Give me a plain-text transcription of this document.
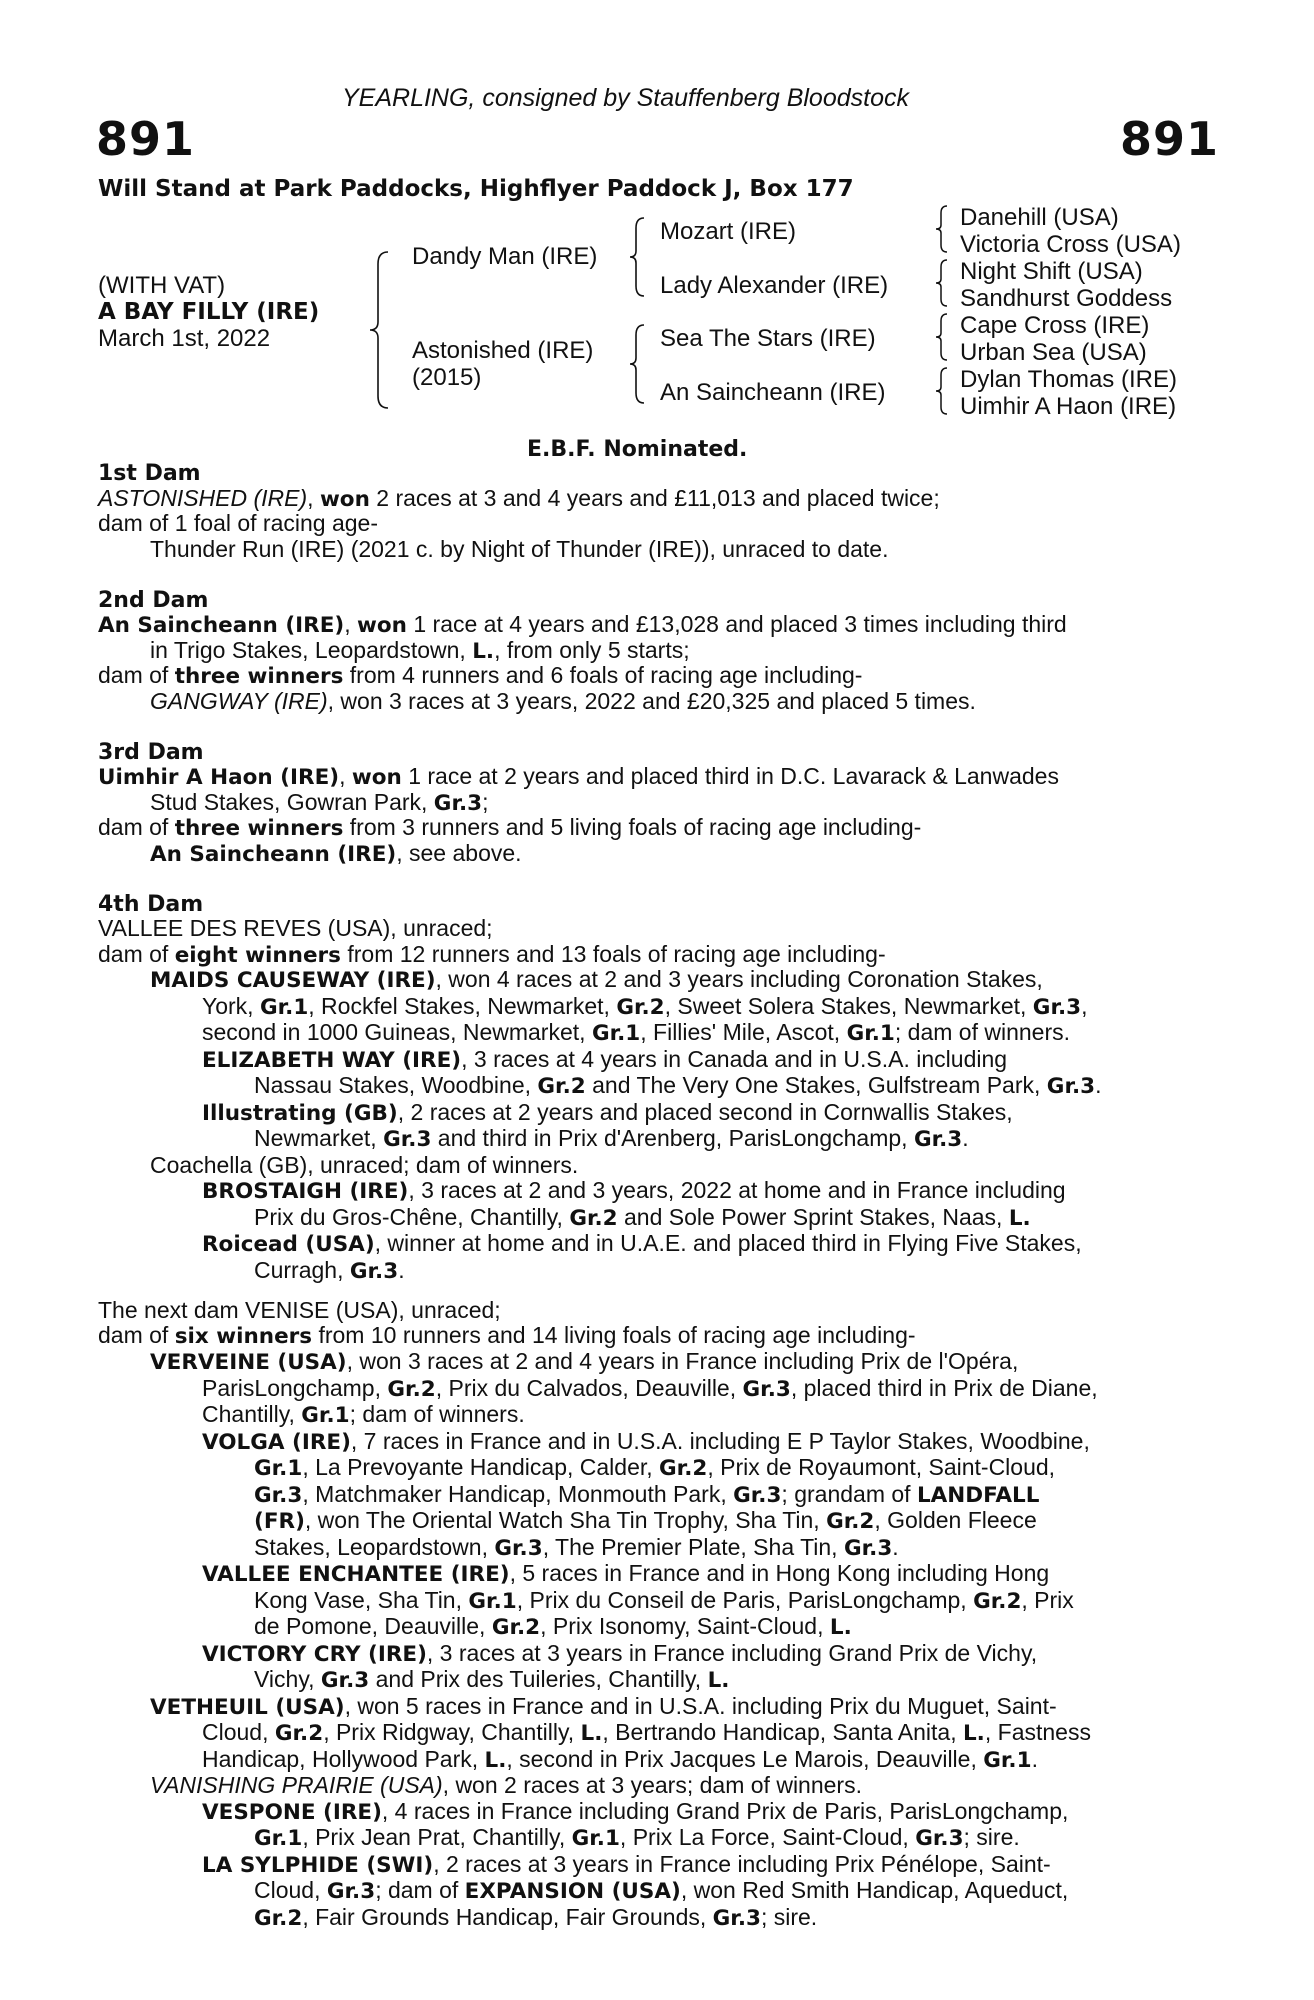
YEARLING, consigned by Stauffenberg Bloodstock
891	891
Will Stand at Park Paddocks, Highflyer Paddock J, Box 177
(WITH VAT)
A BAY FILLY (IRE)
March 1st, 2022
Dandy Man (IRE)
Astonished (IRE)
(2015)
Mozart (IRE)
Lady Alexander (IRE)
Sea The Stars (IRE)
An Saincheann (IRE)
Danehill (USA)
Victoria Cross (USA)
Night Shift (USA)
Sandhurst Goddess
Cape Cross (IRE)
Urban Sea (USA)
Dylan Thomas (IRE)
Uimhir A Haon (IRE)
E.B.F. Nominated.
1st Dam
ASTONISHED (IRE), won 2 races at 3 and 4 years and £11,013 and placed twice;
dam of 1 foal of racing age-
Thunder Run (IRE) (2021 c. by Night of Thunder (IRE)), unraced to date.
2nd Dam
An Saincheann (IRE), won 1 race at 4 years and £13,028 and placed 3 times including third
in Trigo Stakes, Leopardstown, L., from only 5 starts;
dam of three winners from 4 runners and 6 foals of racing age including-
GANGWAY (IRE), won 3 races at 3 years, 2022 and £20,325 and placed 5 times.
3rd Dam
Uimhir A Haon (IRE), won 1 race at 2 years and placed third in D.C. Lavarack & Lanwades
Stud Stakes, Gowran Park, Gr.3;
dam of three winners from 3 runners and 5 living foals of racing age including-
An Saincheann (IRE), see above.
4th Dam
VALLEE DES REVES (USA), unraced;
dam of eight winners from 12 runners and 13 foals of racing age including-

MAIDS CAUSEWAY (IRE), won 4 races at 2 and 3 years including Coronation Stakes,
York, Gr.1, Rockfel Stakes, Newmarket, Gr.2, Sweet Solera Stakes, Newmarket, Gr.3,
second in 1000 Guineas, Newmarket, Gr.1, Fillies' Mile, Ascot, Gr.1; dam of winners.

ELIZABETH WAY (IRE), 3 races at 4 years in Canada and in U.S.A. including
Nassau Stakes, Woodbine, Gr.2 and The Very One Stakes, Gulfstream Park, Gr.3.

Illustrating (GB), 2 races at 2 years and placed second in Cornwallis Stakes,
Newmarket, Gr.3 and third in Prix d'Arenberg, ParisLongchamp, Gr.3.

Coachella (GB), unraced; dam of winners.

BROSTAIGH (IRE), 3 races at 2 and 3 years, 2022 at home and in France including
Prix du Gros-Chêne, Chantilly, Gr.2 and Sole Power Sprint Stakes, Naas, L.

Roicead (USA), winner at home and in U.A.E. and placed third in Flying Five Stakes,
Curragh, Gr.3.

The next dam VENISE (USA), unraced;
dam of six winners from 10 runners and 14 living foals of racing age including-

VERVEINE (USA), won 3 races at 2 and 4 years in France including Prix de l'Opéra,
ParisLongchamp, Gr.2, Prix du Calvados, Deauville, Gr.3, placed third in Prix de Diane,
Chantilly, Gr.1; dam of winners.

VOLGA (IRE), 7 races in France and in U.S.A. including E P Taylor Stakes, Woodbine,
Gr.1, La Prevoyante Handicap, Calder, Gr.2, Prix de Royaumont, Saint-Cloud,
Gr.3, Matchmaker Handicap, Monmouth Park, Gr.3; grandam of LANDFALL
(FR), won The Oriental Watch Sha Tin Trophy, Sha Tin, Gr.2, Golden Fleece
Stakes, Leopardstown, Gr.3, The Premier Plate, Sha Tin, Gr.3.

VALLEE ENCHANTEE (IRE), 5 races in France and in Hong Kong including Hong
Kong Vase, Sha Tin, Gr.1, Prix du Conseil de Paris, ParisLongchamp, Gr.2, Prix
de Pomone, Deauville, Gr.2, Prix Isonomy, Saint-Cloud, L.

VICTORY CRY (IRE), 3 races at 3 years in France including Grand Prix de Vichy,
Vichy, Gr.3 and Prix des Tuileries, Chantilly, L.

VETHEUIL (USA), won 5 races in France and in U.S.A. including Prix du Muguet, Saint-
Cloud, Gr.2, Prix Ridgway, Chantilly, L., Bertrando Handicap, Santa Anita, L., Fastness
Handicap, Hollywood Park, L., second in Prix Jacques Le Marois, Deauville, Gr.1.

VANISHING PRAIRIE (USA), won 2 races at 3 years; dam of winners.

VESPONE (IRE), 4 races in France including Grand Prix de Paris, ParisLongchamp,
Gr.1, Prix Jean Prat, Chantilly, Gr.1, Prix La Force, Saint-Cloud, Gr.3; sire.

LA SYLPHIDE (SWI), 2 races at 3 years in France including Prix Pénélope, Saint-
Cloud, Gr.3; dam of EXPANSION (USA), won Red Smith Handicap, Aqueduct,
Gr.2, Fair Grounds Handicap, Fair Grounds, Gr.3; sire.
